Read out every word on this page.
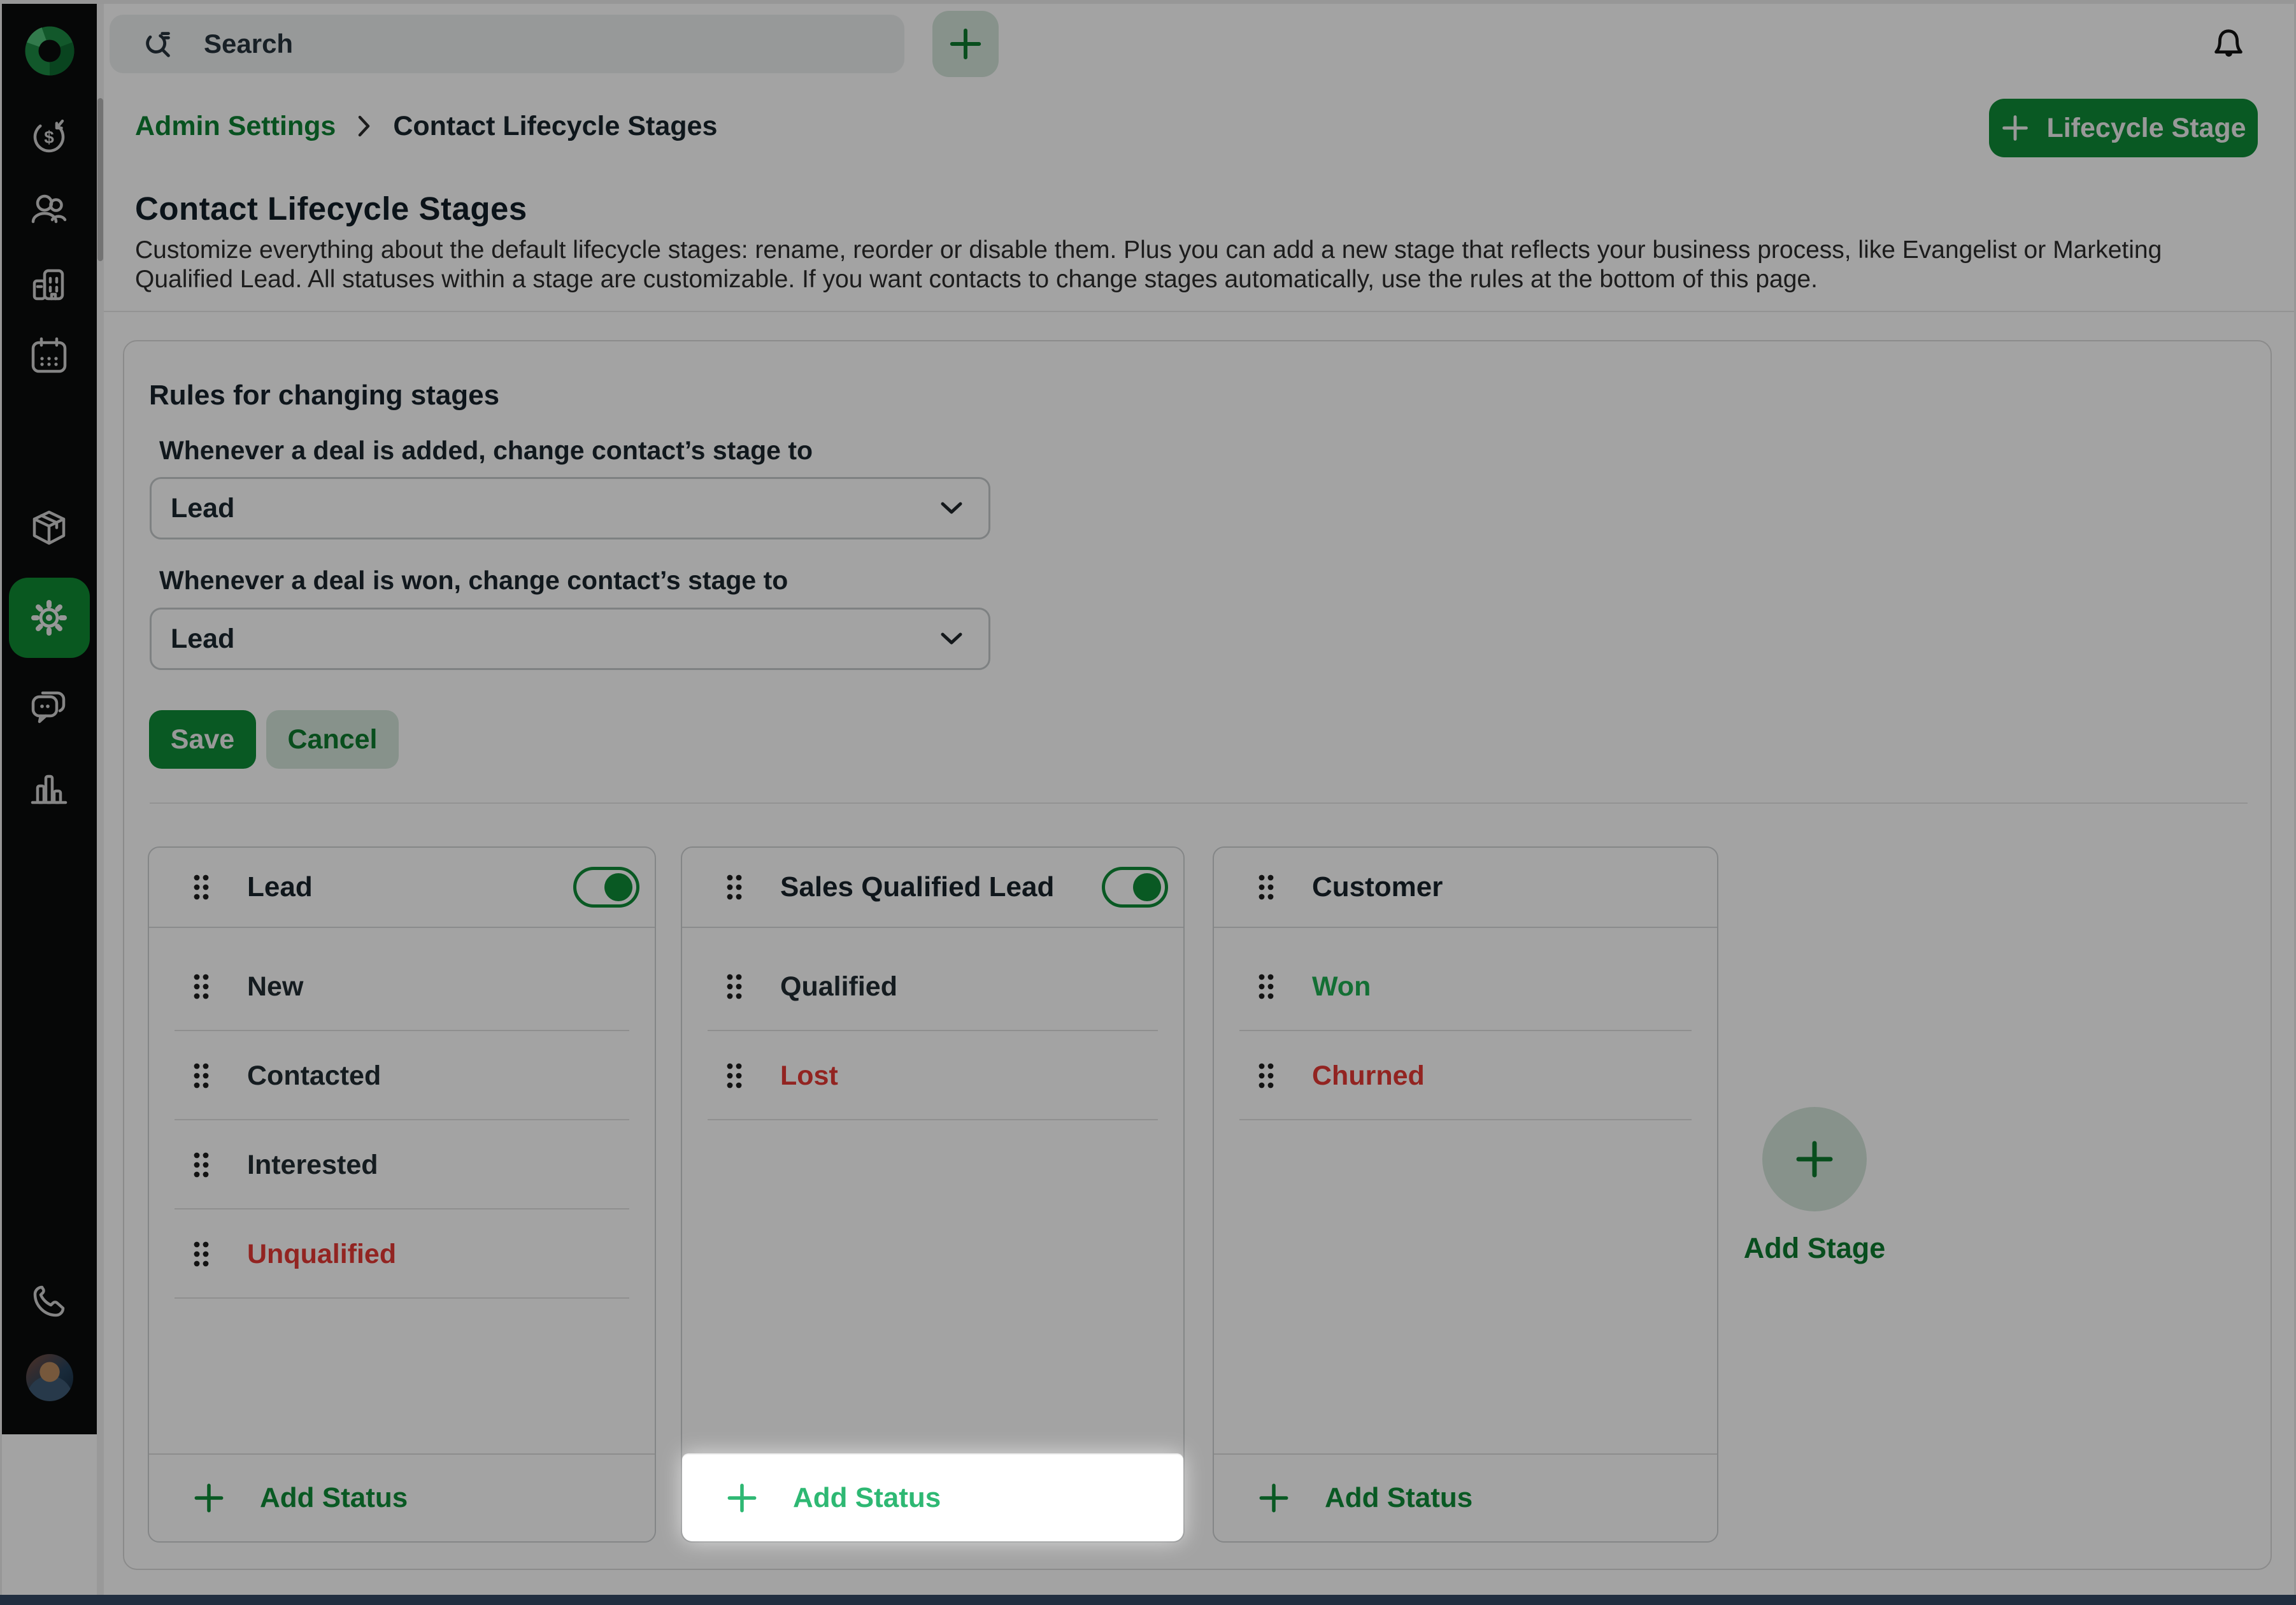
$
Search
Admin Settings Contact Lifecycle Stages	Lifecycle Stage
Contact Lifecycle Stages

Customize everything about the default lifecycle stages: rename, reorder or disable them. Plus you can add a new stage that reflects your business process, like Evangelist or Marketing Qualified Lead. All statuses within a stage are customizable. If you want contacts to change stages automatically, use the rules at the bottom of this page.

Rules for changing stages
Whenever a deal is added, change contact’s stage to
Lead
Whenever a deal is won, change contact’s stage to
Lead
Save	Cancel
Lead
New
Contacted
Interested
Unqualified
Add Status
Sales Qualified Lead
Qualified
Lost
Add Status
Customer
Won
Churned
Add Status
Add Stage
